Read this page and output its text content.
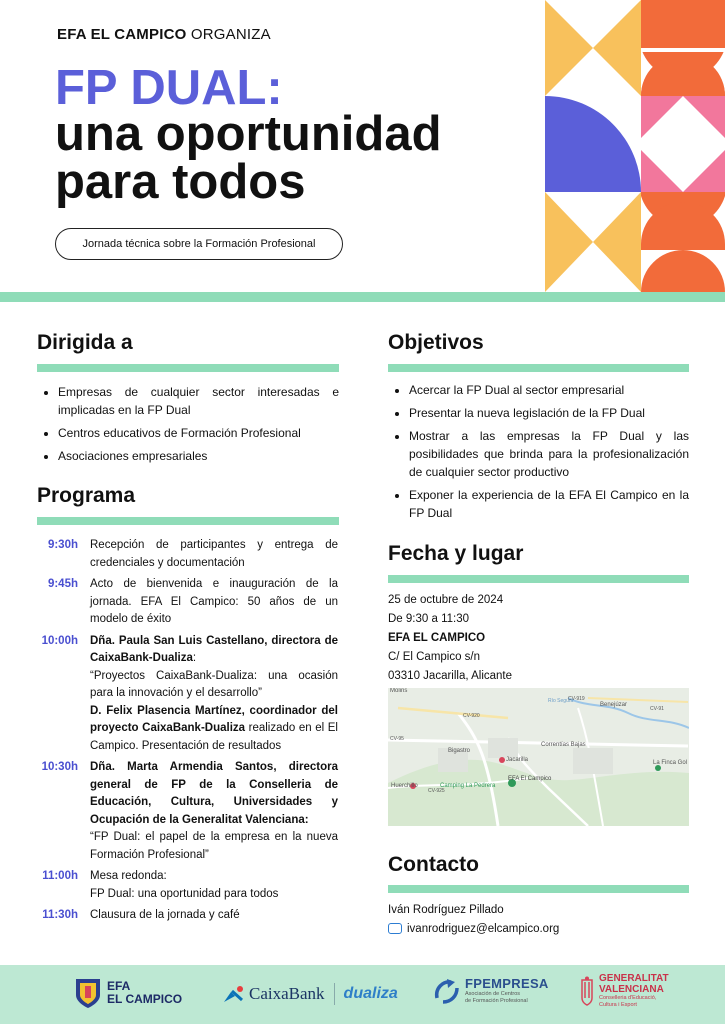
EFA EL CAMPICO ORGANIZA
FP DUAL:
una oportunidad
para todos
Jornada técnica sobre la Formación Profesional
Dirigida a
• Empresas de cualquier sector interesadas e implicadas en la FP Dual
• Centros educativos de Formación Profesional
• Asociaciones empresariales
Programa
9:30h	Recepción de participantes y entrega de credenciales y documentación
9:45h	Acto de bienvenida e inauguración de la jornada. EFA El Campico: 50 años de un modelo de éxito
10:00h	Dña. Paula San Luis Castellano, directora de CaixaBank-Dualiza:
“Proyectos CaixaBank-Dualiza: una ocasión para la innovación y el desarrollo”
D. Felix Plasencia Martínez, coordinador del proyecto CaixaBank-Dualiza realizado en el El Campico. Presentación de resultados
10:30h	Dña. Marta Armendia Santos, directora general de FP de la Conselleria de Educación, Cultura, Universidades y Ocupación de la Generalitat Valenciana:
“FP Dual: el papel de la empresa en la nueva Formación Profesional”
11:00h	Mesa redonda:
FP Dual: una oportunidad para todos
11:30h	Clausura de la jornada y café
Objetivos
• Acercar la FP Dual al sector empresarial
• Presentar la nueva legislación de la FP Dual
• Mostrar a las empresas la FP Dual y las posibilidades que brinda para la profesionalización de cualquier sector productivo
• Exponer la experiencia de la EFA El Campico en la FP Dual
Fecha y lugar
25 de octubre de 2024
De 9:30 a 11:30
EFA EL CAMPICO
C/ El Campico s/n
03310 Jacarilla, Alicante
Molins
Benejúzar
Bigastro
Jacarilla
Correntías Bajas
EFA El Campico
Camping La Pedrera
Huerchillo
La Finca Gol
Río Segura
CV-920
CV-919
CV-95
CV-925
CV-91
Contacto
Iván Rodríguez Pillado
ivanrodriguez@elcampico.org
EFA
EL CAMPICO	CaixaBank dualiza
FPEMPRESA
Asociación de Centros
de Formación Profesional
GENERALITAT
VALENCIANA
Conselleria d'Educació,
Cultura i Esport
